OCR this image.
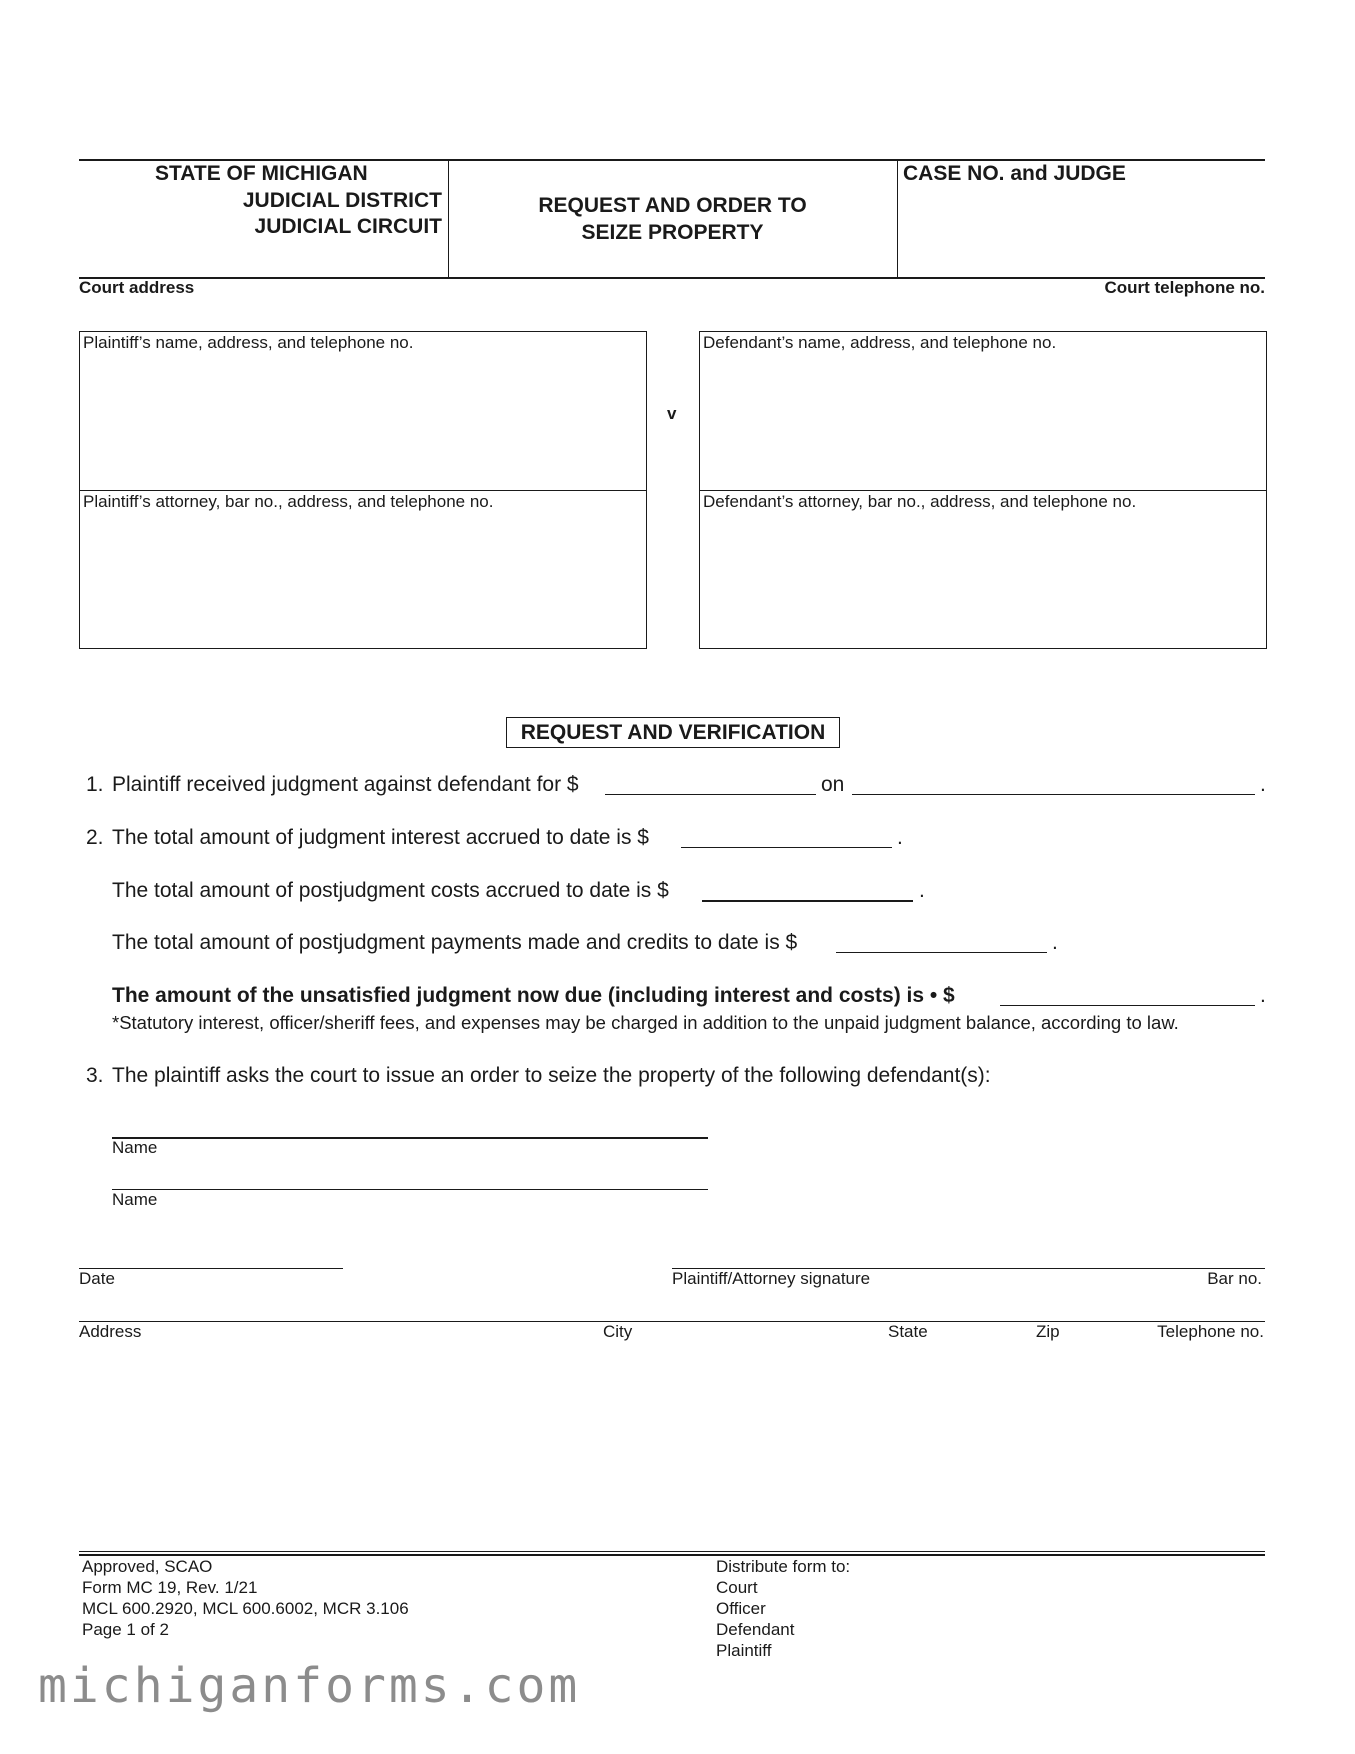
STATE OF MICHIGAN
JUDICIAL DISTRICT
JUDICIAL CIRCUIT
REQUEST AND ORDER TO
SEIZE PROPERTY
CASE NO. and JUDGE
Court address	Court telephone no.
Plaintiff’s name, address, and telephone no.
Plaintiff’s attorney, bar no., address, and telephone no.
v
Defendant’s name, address, and telephone no.
Defendant’s attorney, bar no., address, and telephone no.
REQUEST AND VERIFICATION
1. Plaintiff received judgment against defendant for $	on	.
2. The total amount of judgment interest accrued to date is $	.
The total amount of postjudgment costs accrued to date is $	.
The total amount of postjudgment payments made and credits to date is $	.
The amount of the unsatisfied judgment now due (including interest and costs) is • $	.
*Statutory interest, officer/sheriff fees, and expenses may be charged in addition to the unpaid judgment balance, according to law.
3. The plaintiff asks the court to issue an order to seize the property of the following defendant(s):
Name
Name
Date	Plaintiff/Attorney signature	Bar no.
Address	City	State	Zip	Telephone no.
Approved, SCAO
Form MC 19, Rev. 1/21
MCL 600.2920, MCL 600.6002, MCR 3.106
Page 1 of 2
Distribute form to:
Court
Officer
Defendant
Plaintiff
michiganforms.com
